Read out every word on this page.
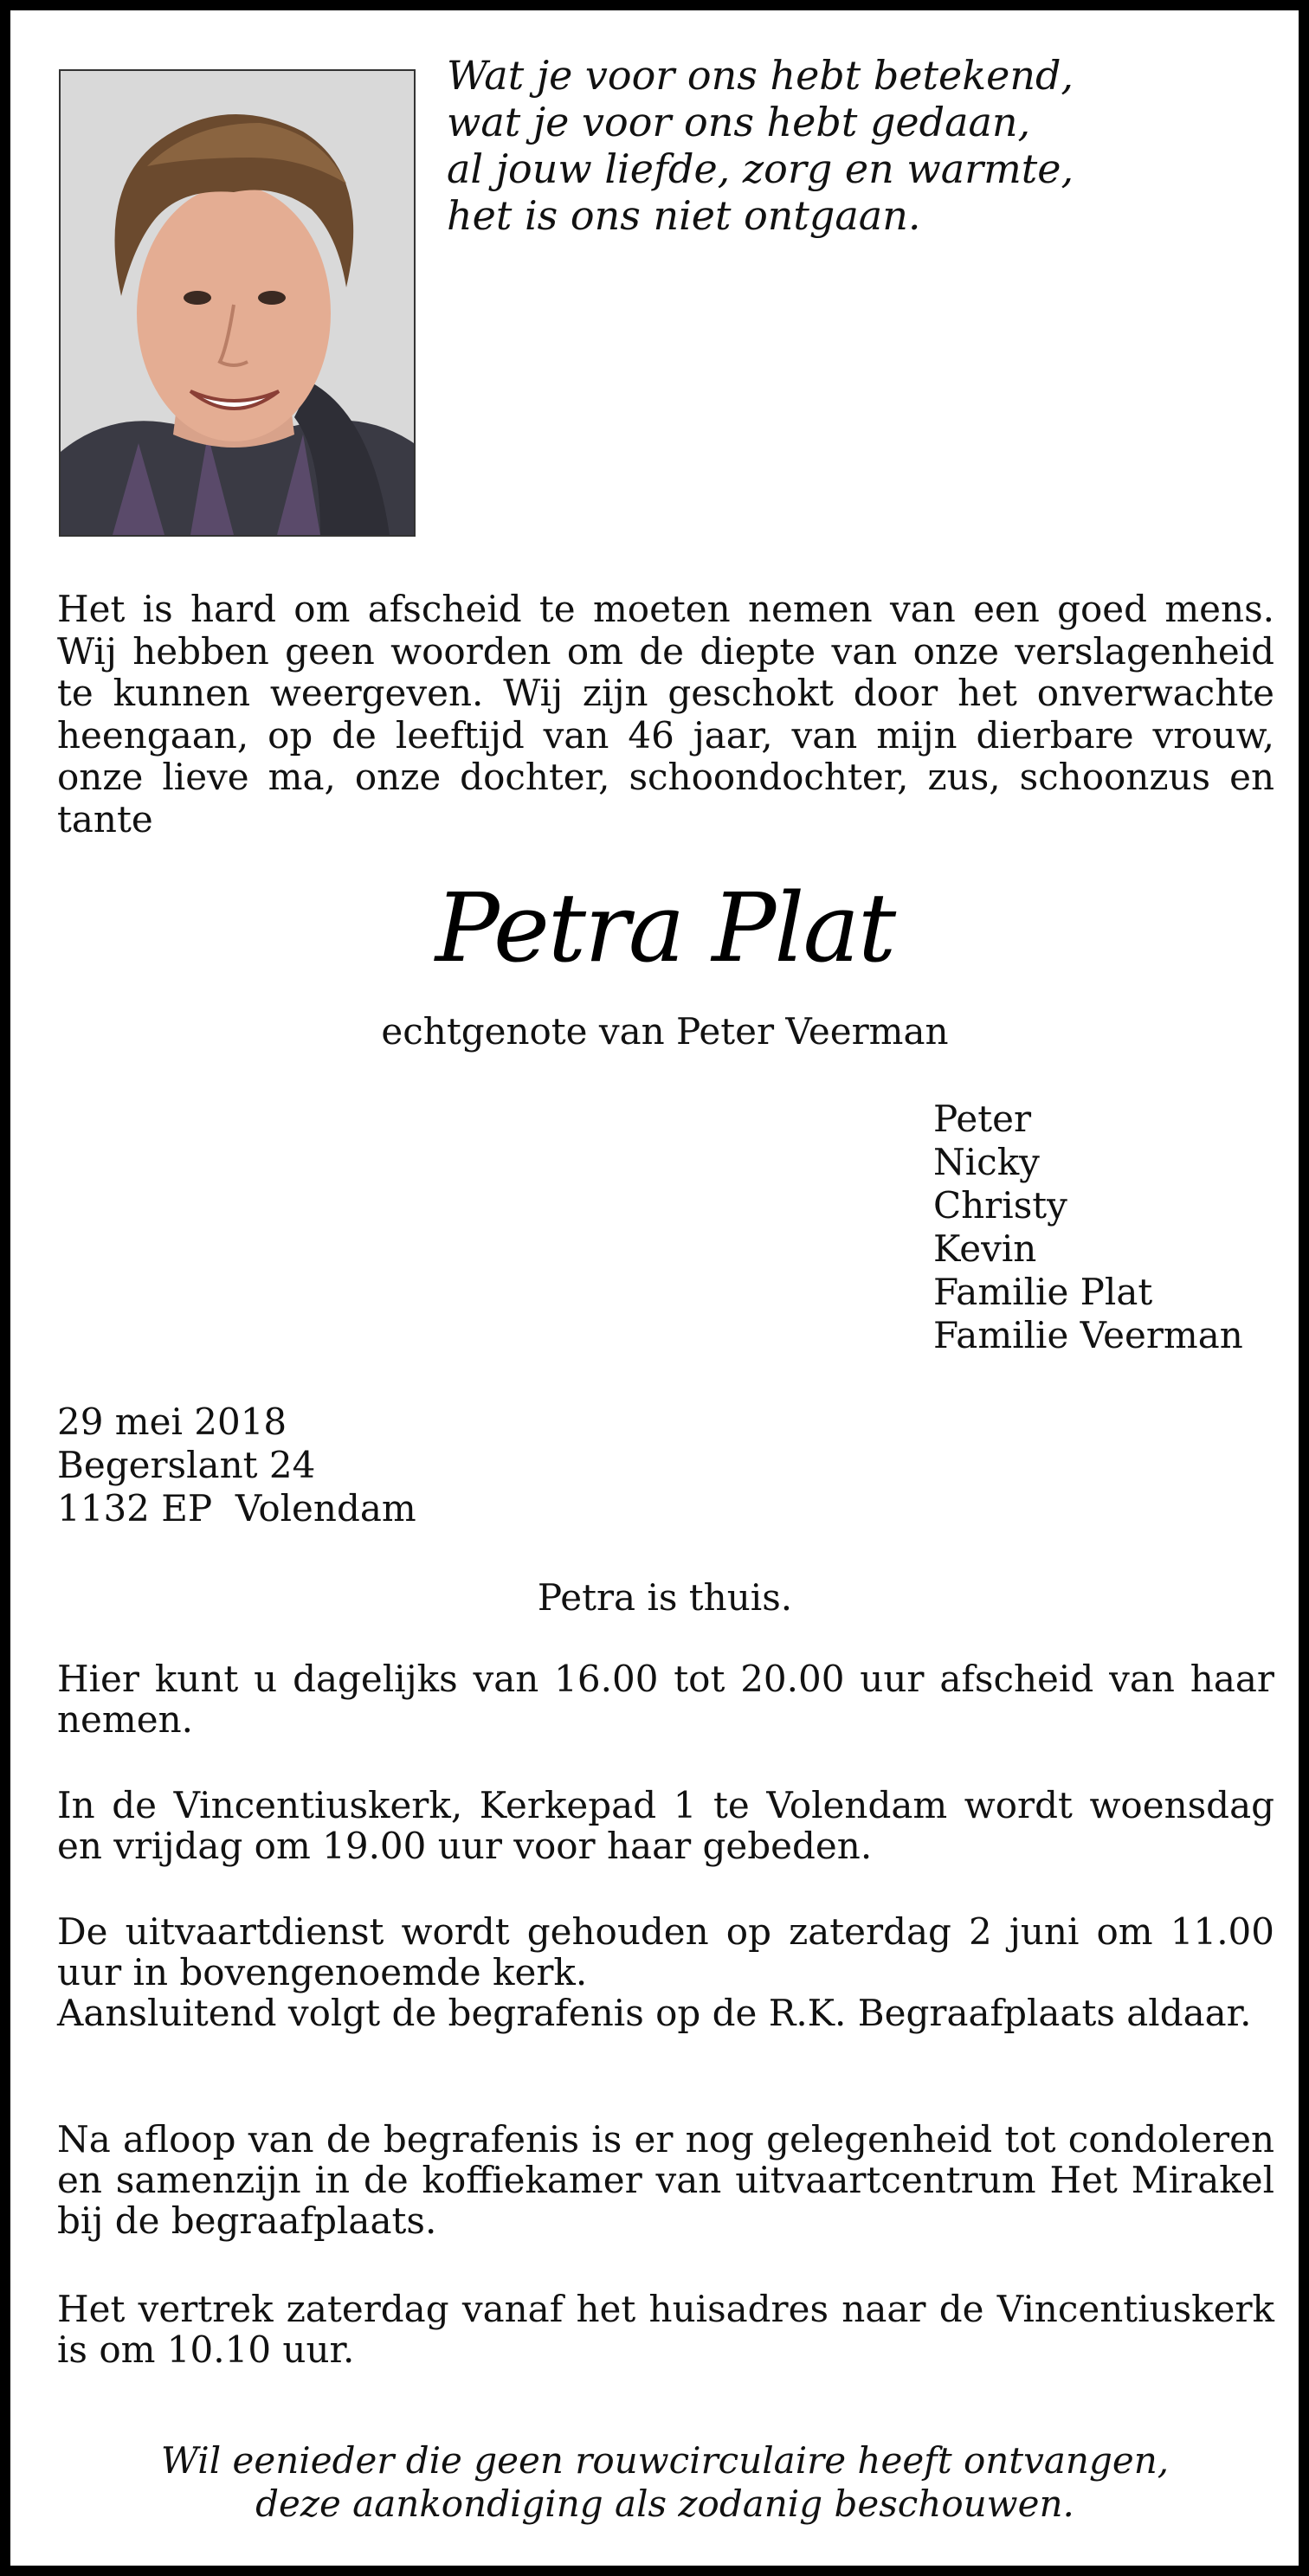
Wat je voor ons hebt betekend,
wat je voor ons hebt gedaan,
al jouw liefde, zorg en warmte,
het is ons niet ontgaan.
Het is hard om afscheid te moeten nemen van een goed mens. Wij hebben geen woorden om de diepte van onze verslagenheid te kunnen weergeven. Wij zijn geschokt door het onverwachte heengaan, op de leeftijd van 46 jaar, van mijn dierbare vrouw, onze lieve ma, onze dochter, schoondochter, zus, schoonzus en tante
Petra Plat
echtgenote van Peter Veerman
Peter
Nicky
Christy
Kevin
Familie Plat
Familie Veerman
29 mei 2018
Begerslant 24
1132 EP  Volendam
Petra is thuis.
Hier kunt u dagelijks van 16.00 tot 20.00 uur afscheid van haar nemen.
In de Vincentiuskerk, Kerkepad 1 te Volendam wordt woensdag en vrijdag om 19.00 uur voor haar gebeden.
De uitvaartdienst wordt gehouden op zaterdag 2 juni om 11.00 uur in bovengenoemde kerk.
Aansluitend volgt de begrafenis op de R.K. Begraafplaats aldaar.
Na afloop van de begrafenis is er nog gelegenheid tot condoleren en samenzijn in de koffiekamer van uitvaartcentrum Het Mirakel bij de begraafplaats.
Het vertrek zaterdag vanaf het huisadres naar de Vincentiuskerk is om 10.10 uur.
Wil eenieder die geen rouwcirculaire heeft ontvangen,
deze aankondiging als zodanig beschouwen.
